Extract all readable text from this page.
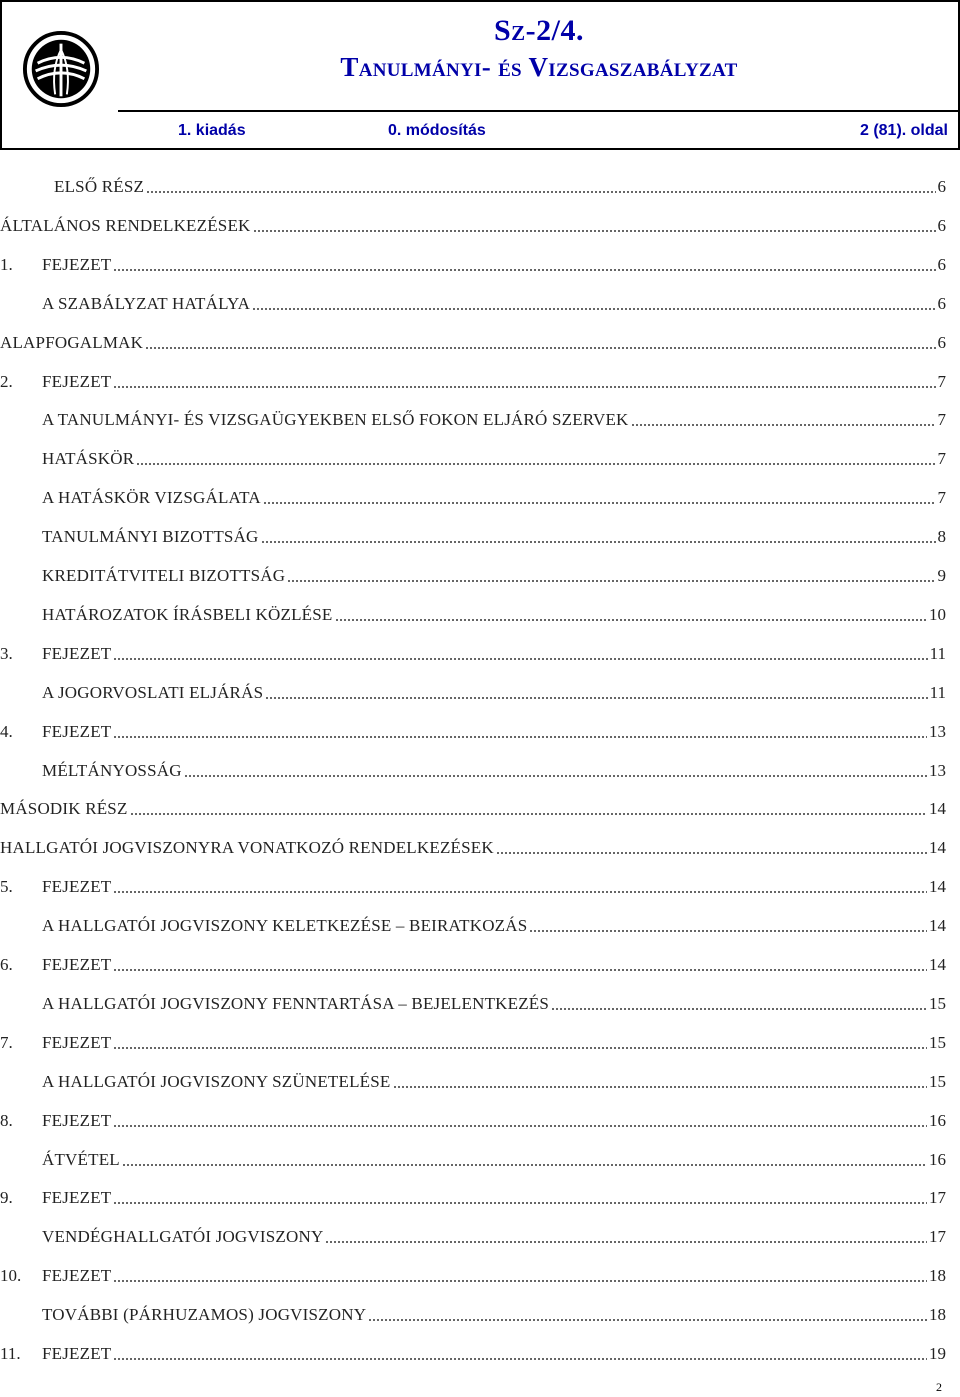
Sz-2/4.
Tanulmányi- és Vizsgaszabályzat
1. kiadás	0. módosítás	2 (81). oldal
ELSŐ RÉSZ	6
ÁLTALÁNOS RENDELKEZÉSEK	6
1.	FEJEZET	6
A SZABÁLYZAT HATÁLYA	6
ALAPFOGALMAK	6
2.	FEJEZET	7
A TANULMÁNYI- ÉS VIZSGAÜGYEKBEN ELSŐ FOKON ELJÁRÓ SZERVEK	7
HATÁSKÖR	7
A HATÁSKÖR VIZSGÁLATA	7
TANULMÁNYI BIZOTTSÁG	8
KREDITÁTVITELI BIZOTTSÁG	9
HATÁROZATOK ÍRÁSBELI KÖZLÉSE	10
3.	FEJEZET	11
A JOGORVOSLATI ELJÁRÁS	11
4.	FEJEZET	13
MÉLTÁNYOSSÁG	13
MÁSODIK RÉSZ	14
HALLGATÓI JOGVISZONYRA VONATKOZÓ RENDELKEZÉSEK	14
5.	FEJEZET	14
A HALLGATÓI JOGVISZONY KELETKEZÉSE – BEIRATKOZÁS	14
6.	FEJEZET	14
A HALLGATÓI JOGVISZONY FENNTARTÁSA – BEJELENTKEZÉS	15
7.	FEJEZET	15
A HALLGATÓI JOGVISZONY SZÜNETELÉSE	15
8.	FEJEZET	16
ÁTVÉTEL	16
9.	FEJEZET	17
VENDÉGHALLGATÓI JOGVISZONY	17
10.	FEJEZET	18
TOVÁBBI (PÁRHUZAMOS) JOGVISZONY	18
11.	FEJEZET	19
2
